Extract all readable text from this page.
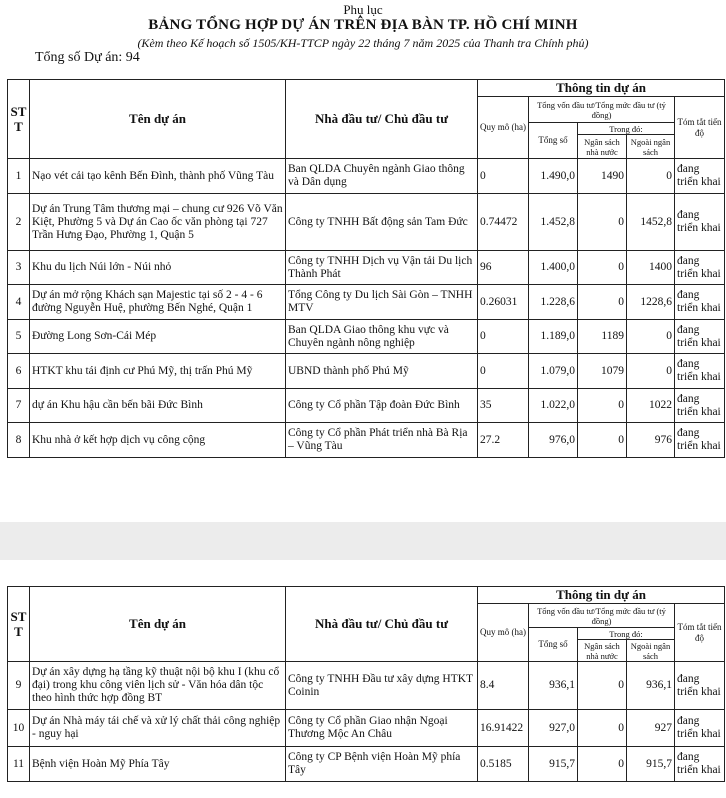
Phụ lục
BẢNG TỔNG HỢP DỰ ÁN TRÊN ĐỊA BÀN TP. HỒ CHÍ MINH
(Kèm theo Kế hoạch số 1505/KH-TTCP ngày 22 tháng 7 năm 2025 của Thanh tra Chính phủ)
Tổng số Dự án: 94
ST T	Tên dự án	Nhà đầu tư/ Chủ đầu tư	Thông tin dự án				
			Quy mô (ha)	Tổng vốn đầu tư/Tổng mức đầu tư (tỷ đồng)			Tóm tắt tiến độ
				Tổng số	Trong đó:		
					Ngân sách nhà nước	Ngoài ngân sách	
1	Nạo vét cải tạo kênh Bến Đình, thành phố Vũng Tàu	Ban QLDA Chuyên ngành Giao thông và Dân dụng	0	1.490,0	1490	0	đang triển khai
2	Dự án Trung Tâm thương mại – chung cư 926 Võ Văn Kiệt, Phường 5 và Dự án Cao ốc văn phòng tại 727 Trần Hưng Đạo, Phường 1, Quận 5	Công ty TNHH Bất động sản Tam Đức	0.74472	1.452,8	0	1452,8	đang triển khai
3	Khu du lịch Núi lớn - Núi nhỏ	Công ty TNHH Dịch vụ Vận tải Du lịch Thành Phát	96	1.400,0	0	1400	đang triển khai
4	Dự án mở rộng Khách sạn Majestic tại số 2 - 4 - 6 đường Nguyễn Huệ, phường Bến Nghé, Quận 1	Tổng Công ty Du lịch Sài Gòn – TNHH MTV	0.26031	1.228,6	0	1228,6	đang triển khai
5	Đường Long Sơn-Cái Mép	Ban QLDA Giao thông khu vực và Chuyên ngành nông nghiệp	0	1.189,0	1189	0	đang triển khai
6	HTKT khu tái định cư Phú Mỹ, thị trấn Phú Mỹ	UBND thành phố Phú Mỹ	0	1.079,0	1079	0	đang triển khai
7	dự án Khu hậu cần bến bãi Đức Bình	Công ty Cổ phần Tập đoàn Đức Bình	35	1.022,0	0	1022	đang triển khai
8	Khu nhà ở kết hợp dịch vụ công cộng	Công ty Cổ phần Phát triển nhà Bà Rịa – Vũng Tàu	27.2	976,0	0	976	đang triển khai
ST T	Tên dự án	Nhà đầu tư/ Chủ đầu tư	Thông tin dự án				
			Quy mô (ha)	Tổng vốn đầu tư/Tổng mức đầu tư (tỷ đồng)			Tóm tắt tiến độ
				Tổng số	Trong đó:		
					Ngân sách nhà nước	Ngoài ngân sách	
9	Dự án xây dựng hạ tầng kỹ thuật nội bộ khu I (khu cổ đại) trong khu công viên lịch sử - Văn hóa dân tộc theo hình thức hợp đồng BT	Công ty TNHH Đầu tư xây dựng HTKT Coinin	8.4	936,1	0	936,1	đang triển khai
10	Dự án Nhà máy tái chế và xử lý chất thải công nghiệp - nguy hại	Công ty Cổ phần Giao nhận Ngoại Thương Mộc An Châu	16.91422	927,0	0	927	đang triển khai
11	Bệnh viện Hoàn Mỹ Phía Tây	Công ty CP Bệnh viện Hoàn Mỹ phía Tây	0.5185	915,7	0	915,7	đang triển khai
